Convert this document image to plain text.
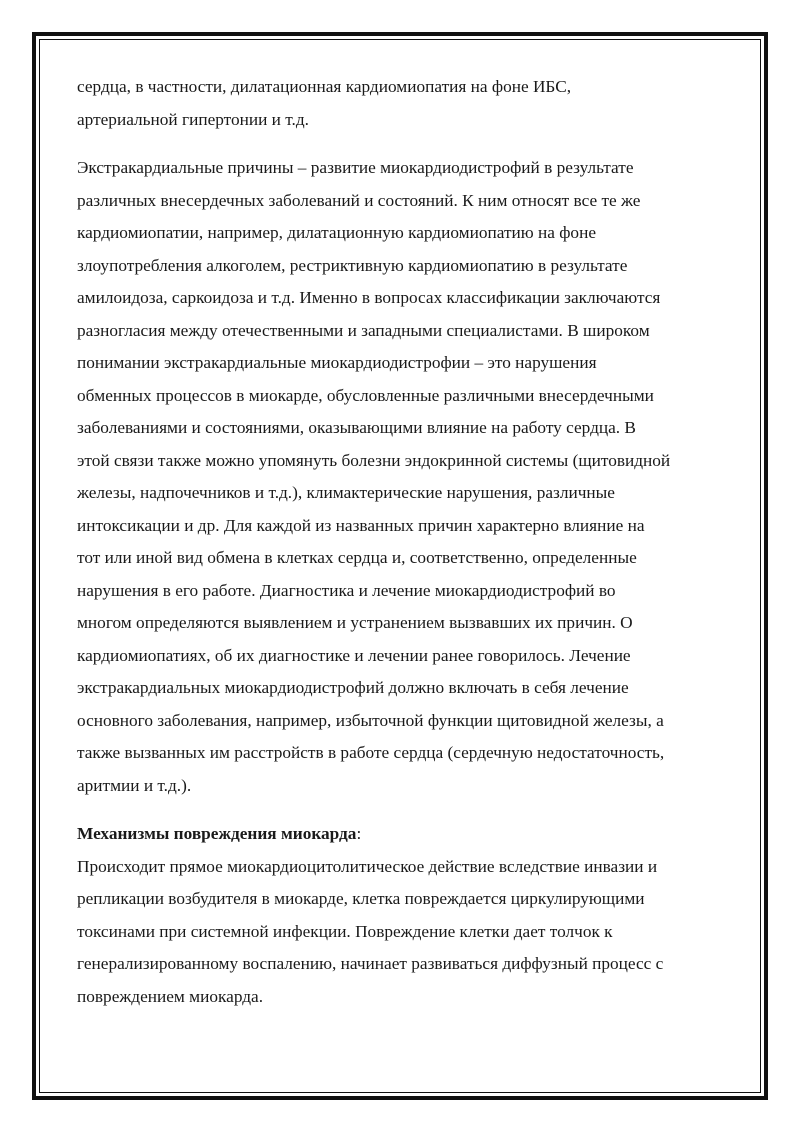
сердца, в частности, дилатационная кардиомиопатия на фоне ИБС,
артериальной гипертонии и т.д.

Экстракардиальные причины – развитие миокардиодистрофий в результате
различных внесердечных заболеваний и состояний. К ним относят все те же
кардиомиопатии, например, дилатационную кардиомиопатию на фоне
злоупотребления алкоголем, рестриктивную кардиомиопатию в результате
амилоидоза, саркоидоза и т.д. Именно в вопросах классификации заключаются
разногласия между отечественными и западными специалистами. В широком
понимании экстракардиальные миокардиодистрофии – это нарушения
обменных процессов в миокарде, обусловленные различными внесердечными
заболеваниями и состояниями, оказывающими влияние на работу сердца. В
этой связи также можно упомянуть болезни эндокринной системы (щитовидной
железы, надпочечников и т.д.), климактерические нарушения, различные
интоксикации и др. Для каждой из названных причин характерно влияние на
тот или иной вид обмена в клетках сердца и, соответственно, определенные
нарушения в его работе. Диагностика и лечение миокардиодистрофий во
многом определяются выявлением и устранением вызвавших их причин. О
кардиомиопатиях, об их диагностике и лечении ранее говорилось. Лечение
экстракардиальных миокардиодистрофий должно включать в себя лечение
основного заболевания, например, избыточной функции щитовидной железы, а
также вызванных им расстройств в работе сердца (сердечную недостаточность,
аритмии и т.д.).

Механизмы повреждения миокарда:
Происходит прямое миокардиоцитолитическое действие вследствие инвазии и
репликации возбудителя в миокарде, клетка повреждается циркулирующими
токсинами при системной инфекции. Повреждение клетки дает толчок к
генерализированному воспалению, начинает развиваться диффузный процесс с
повреждением миокарда.
